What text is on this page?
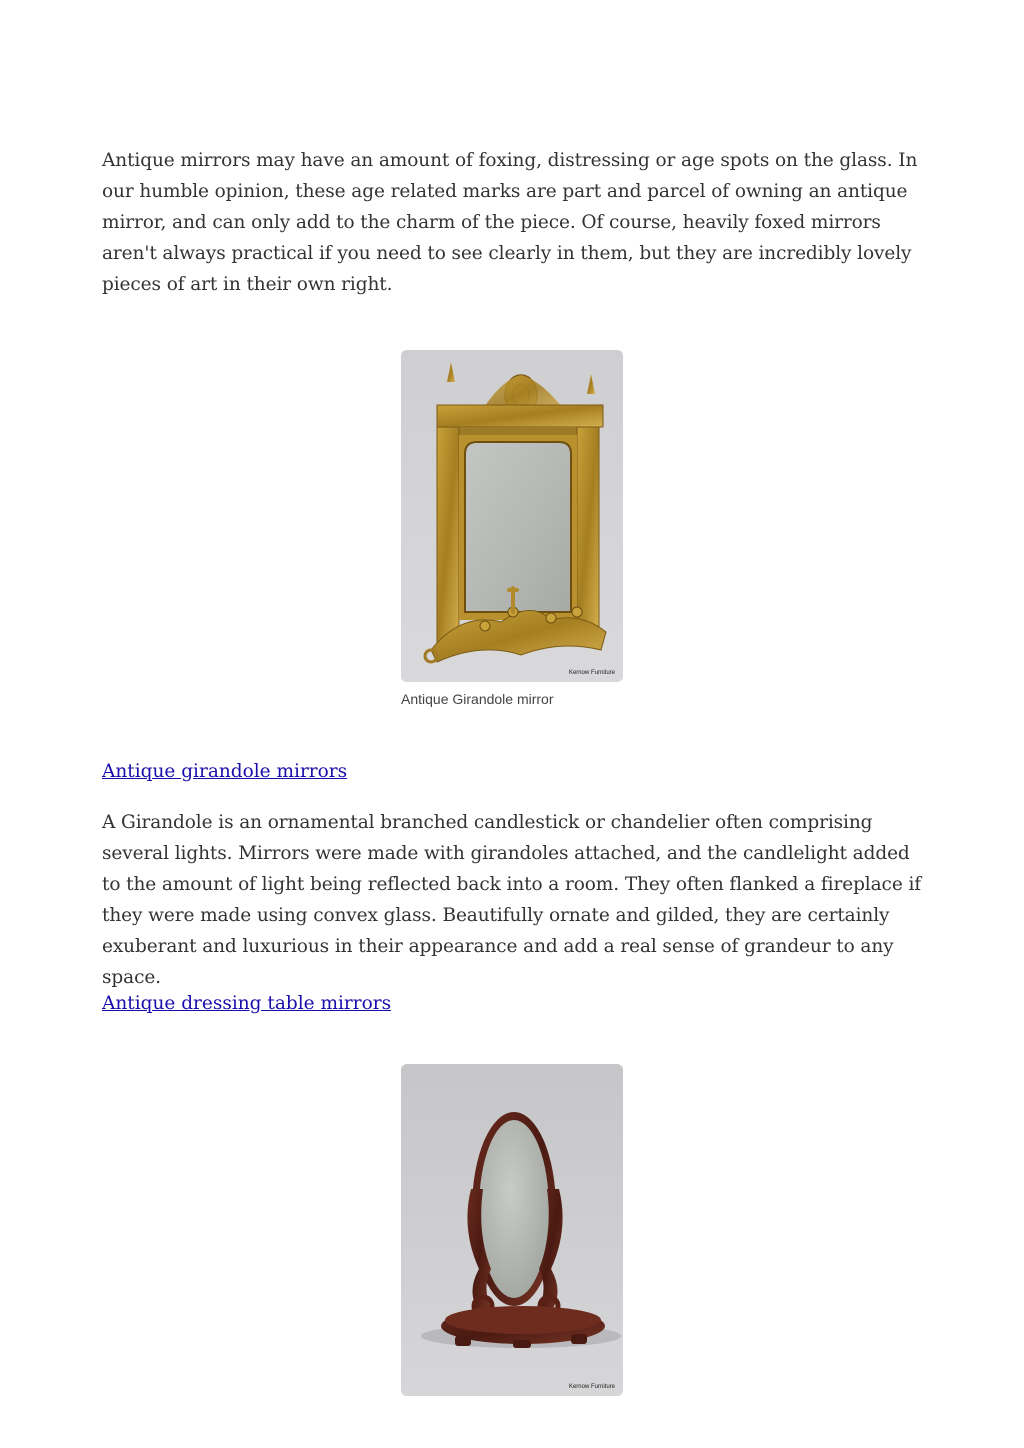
Antique mirrors may have an amount of foxing, distressing or age spots on the glass. In our humble opinion, these age related marks are part and parcel of owning an antique mirror, and can only add to the charm of the piece. Of course, heavily foxed mirrors aren't always practical if you need to see clearly in them, but they are incredibly lovely pieces of art in their own right.

Kernow Furniture
Antique Girandole mirror
Antique girandole mirrors

A Girandole is an ornamental branched candlestick or chandelier often comprising several lights. Mirrors were made with girandoles attached, and the candlelight added to the amount of light being reflected back into a room. They often flanked a fireplace if they were made using convex glass. Beautifully ornate and gilded, they are certainly exuberant and luxurious in their appearance and add a real sense of grandeur to any space.

Antique dressing table mirrors
Kernow Furniture
